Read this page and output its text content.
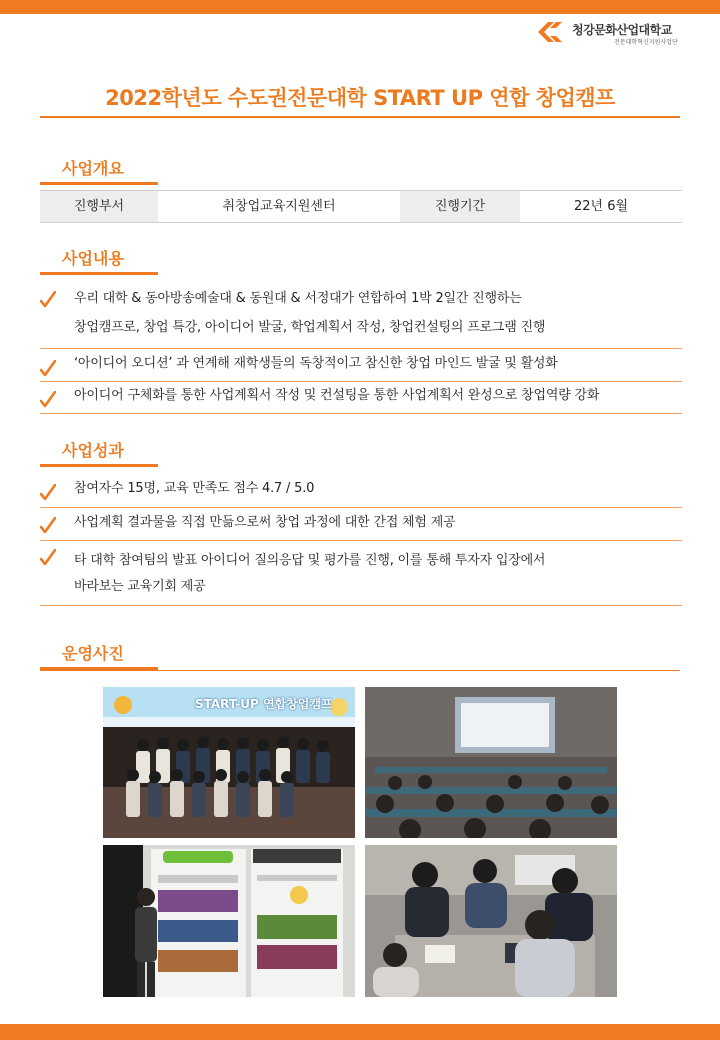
청강문화산업대학교
전문대학혁신지원사업단
2022학년도 수도권전문대학 START UP 연합 창업캠프
사업개요
진행부서	취창업교육지원센터	진행기간	22년 6월
사업내용
우리 대학 & 동아방송예술대 & 동원대 & 서정대가 연합하여 1박 2일간 진행하는
창업캠프로, 창업 특강, 아이디어 발굴, 학업계획서 작성, 창업컨설팅의 프로그램 진행
‘아이디어 오디션’ 과 연계해 재학생들의 독창적이고 참신한 창업 마인드 발굴 및 활성화
아이디어 구체화를 통한 사업계획서 작성 및 컨설팅을 통한 사업계획서 완성으로 창업역량 강화
사업성과
참여자수 15명, 교육 만족도 점수 4.7 / 5.0
사업계획 결과물을 직접 만듦으로써 창업 과정에 대한 간접 체험 제공
타 대학 참여팀의 발표 아이디어 질의응답 및 평가를 진행, 이를 통해 투자자 입장에서
바라보는 교육기회 제공
운영사진
START-UP 연합창업캠프
